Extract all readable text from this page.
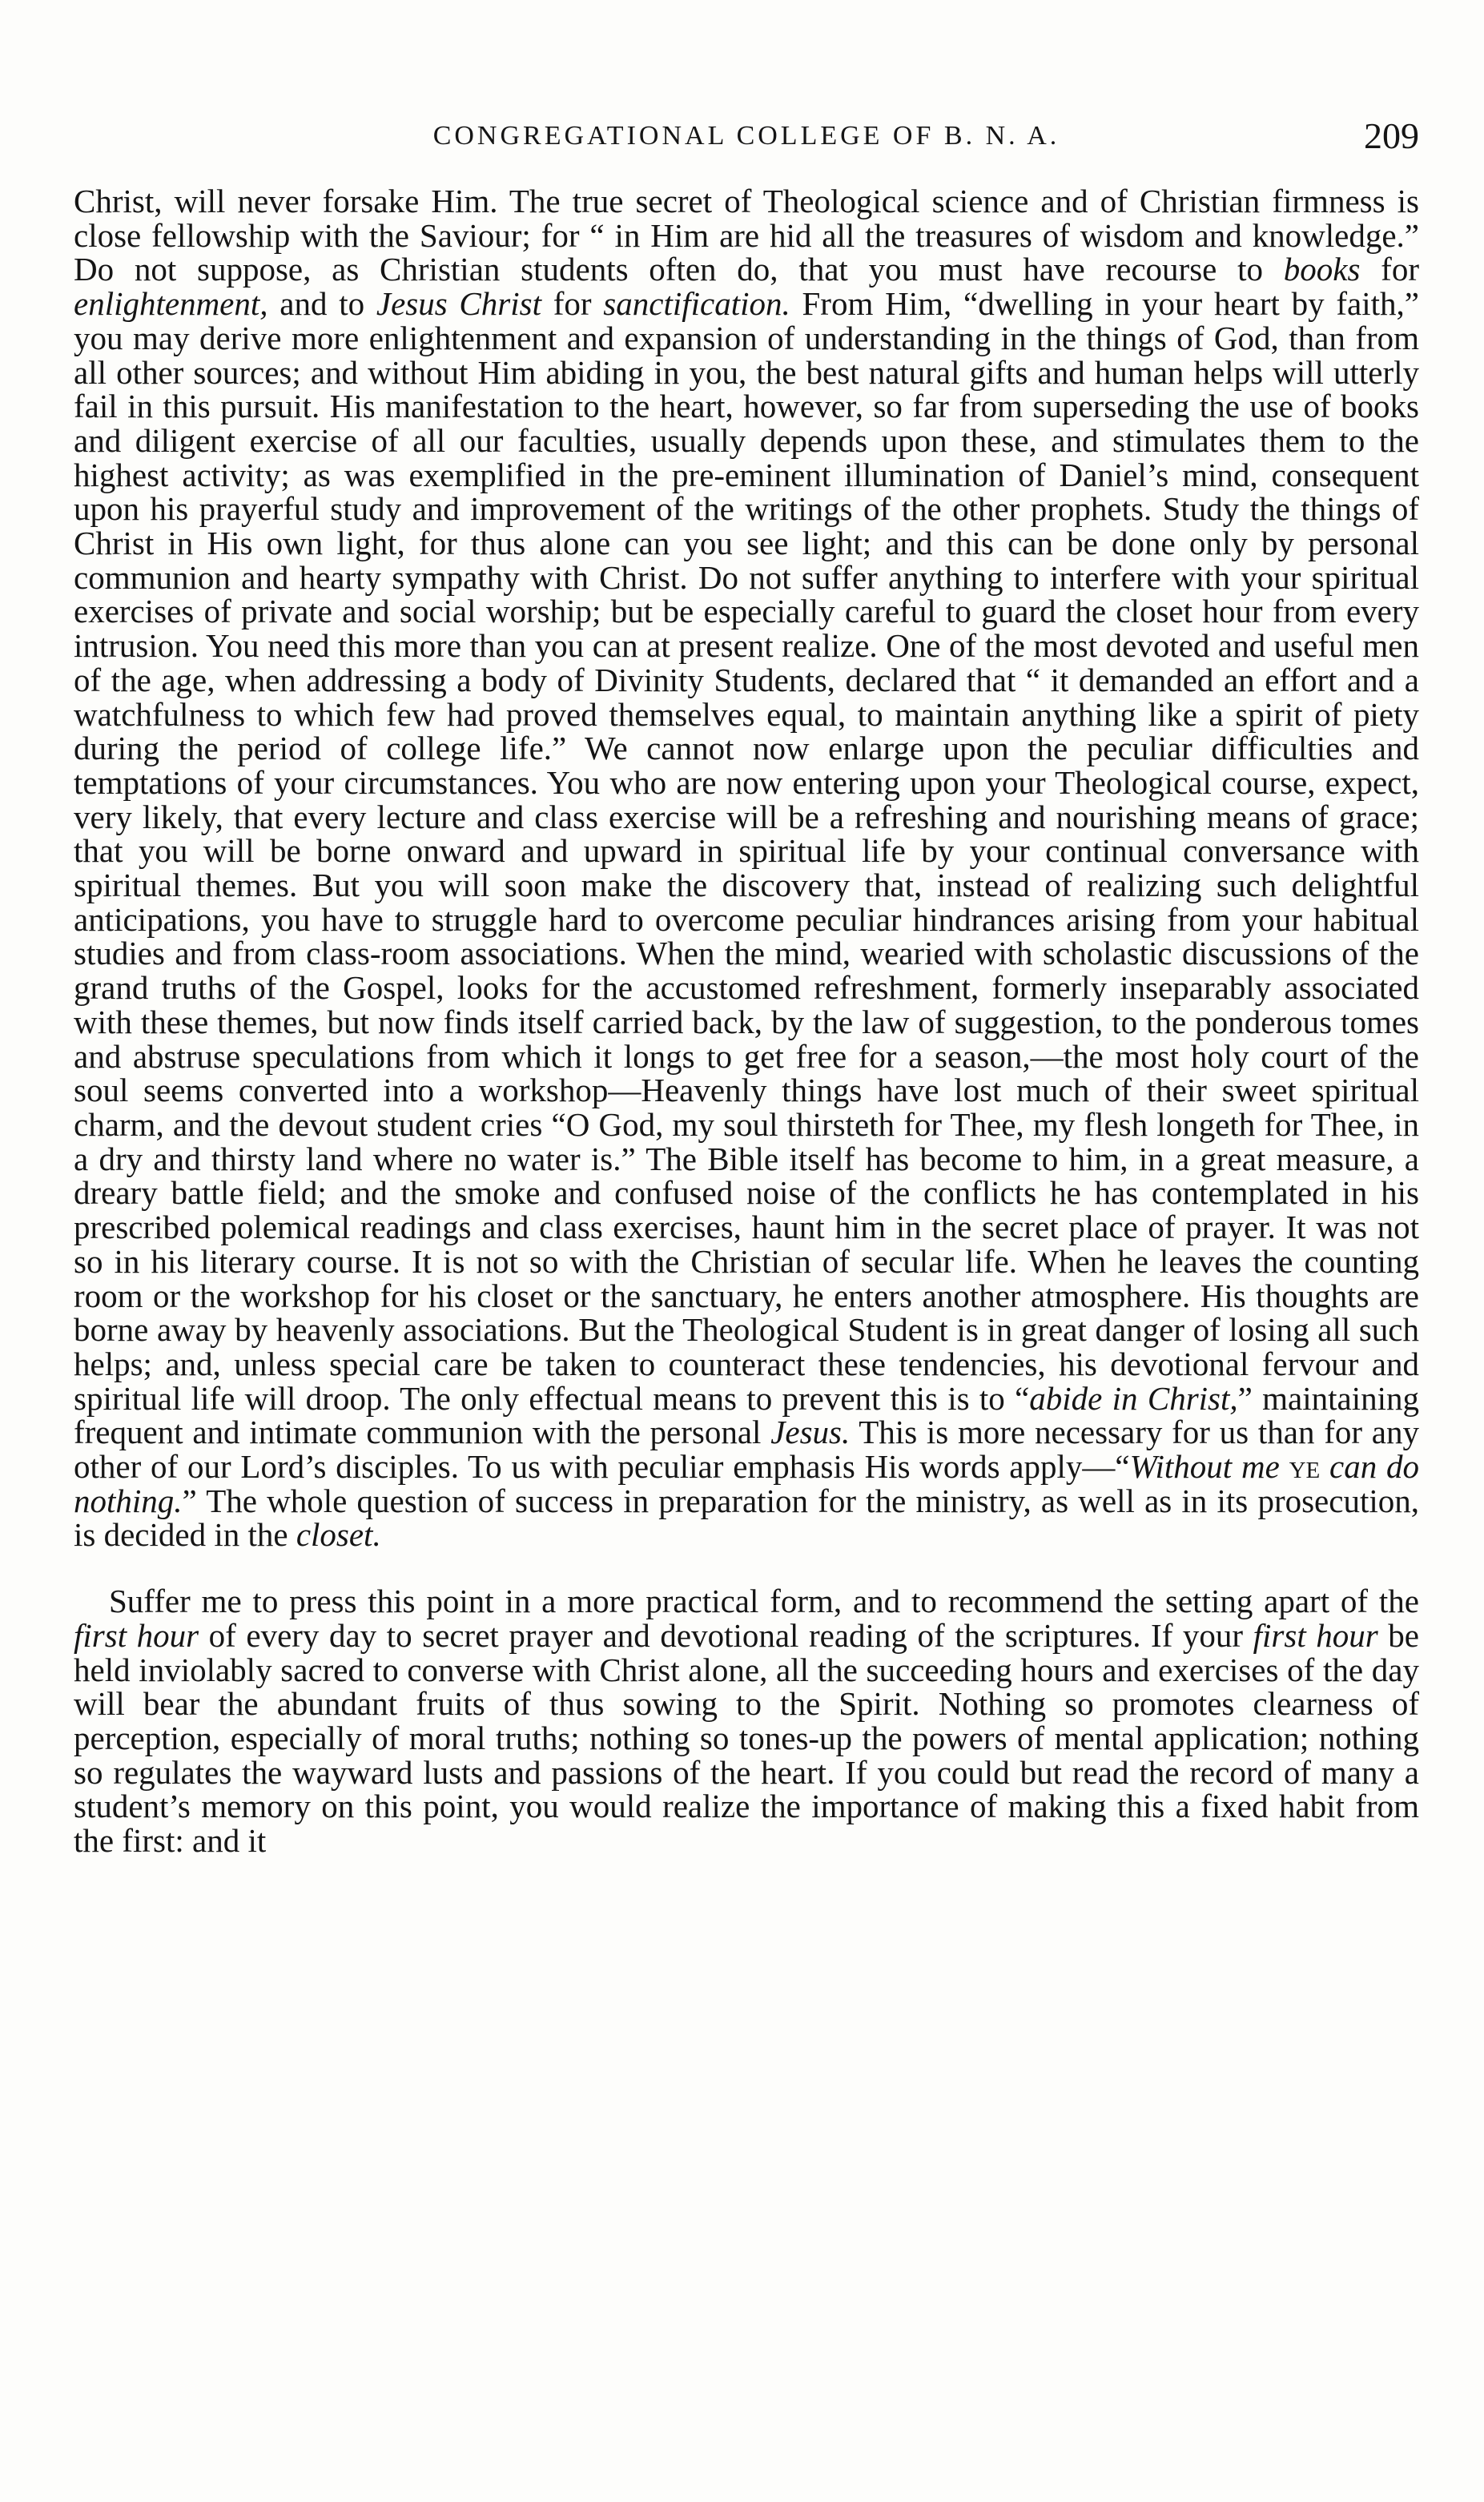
CONGREGATIONAL COLLEGE OF B. N. A.	209

Christ, will never forsake Him. The true secret of Theological science and of Christian firmness is close fellowship with the Saviour; for “ in Him are hid all the treasures of wisdom and knowledge.” Do not suppose, as Christian students often do, that you must have recourse to books for enlightenment, and to Jesus Christ for sanctification. From Him, “dwelling in your heart by faith,” you may derive more enlightenment and expansion of understanding in the things of God, than from all other sources; and without Him abiding in you, the best natural gifts and human helps will utterly fail in this pursuit. His manifestation to the heart, however, so far from superseding the use of books and diligent exercise of all our faculties, usually depends upon these, and stimulates them to the highest activity; as was exemplified in the pre-eminent illumination of Daniel’s mind, consequent upon his prayerful study and improvement of the writings of the other prophets. Study the things of Christ in His own light, for thus alone can you see light; and this can be done only by personal communion and hearty sympathy with Christ. Do not suffer anything to interfere with your spiritual exercises of private and social worship; but be especially careful to guard the closet hour from every intrusion. You need this more than you can at present realize. One of the most devoted and useful men of the age, when addressing a body of Divinity Students, declared that “ it demanded an effort and a watchfulness to which few had proved themselves equal, to maintain anything like a spirit of piety during the period of college life.” We cannot now enlarge upon the peculiar difficulties and temptations of your circumstances. You who are now entering upon your Theological course, expect, very likely, that every lecture and class exercise will be a refreshing and nourishing means of grace; that you will be borne onward and upward in spiritual life by your continual conversance with spiritual themes. But you will soon make the discovery that, instead of realizing such delightful anticipations, you have to struggle hard to overcome peculiar hindrances arising from your habitual studies and from class-room associations. When the mind, wearied with scholastic discussions of the grand truths of the Gospel, looks for the accustomed refreshment, formerly inseparably associated with these themes, but now finds itself carried back, by the law of suggestion, to the ponderous tomes and abstruse speculations from which it longs to get free for a season,—the most holy court of the soul seems converted into a workshop—Heavenly things have lost much of their sweet spiritual charm, and the devout student cries “O God, my soul thirsteth for Thee, my flesh longeth for Thee, in a dry and thirsty land where no water is.” The Bible itself has become to him, in a great measure, a dreary battle field; and the smoke and confused noise of the conflicts he has contemplated in his prescribed polemical readings and class exercises, haunt him in the secret place of prayer. It was not so in his literary course. It is not so with the Christian of secular life. When he leaves the counting room or the workshop for his closet or the sanctuary, he enters another atmosphere. His thoughts are borne away by heavenly associations. But the Theological Student is in great danger of losing all such helps; and, unless special care be taken to counteract these tendencies, his devotional fervour and spiritual life will droop. The only effectual means to prevent this is to “abide in Christ,” maintaining frequent and intimate communion with the personal Jesus. This is more necessary for us than for any other of our Lord’s disciples. To us with peculiar emphasis His words apply—“Without me ye can do nothing.” The whole question of success in preparation for the ministry, as well as in its prosecution, is decided in the closet.

Suffer me to press this point in a more practical form, and to recommend the setting apart of the first hour of every day to secret prayer and devotional reading of the scriptures. If your first hour be held inviolably sacred to converse with Christ alone, all the succeeding hours and exercises of the day will bear the abundant fruits of thus sowing to the Spirit. Nothing so promotes clearness of perception, especially of moral truths; nothing so tones-up the powers of mental application; nothing so regulates the wayward lusts and passions of the heart. If you could but read the record of many a student’s memory on this point, you would realize the importance of making this a fixed habit from the first: and it
